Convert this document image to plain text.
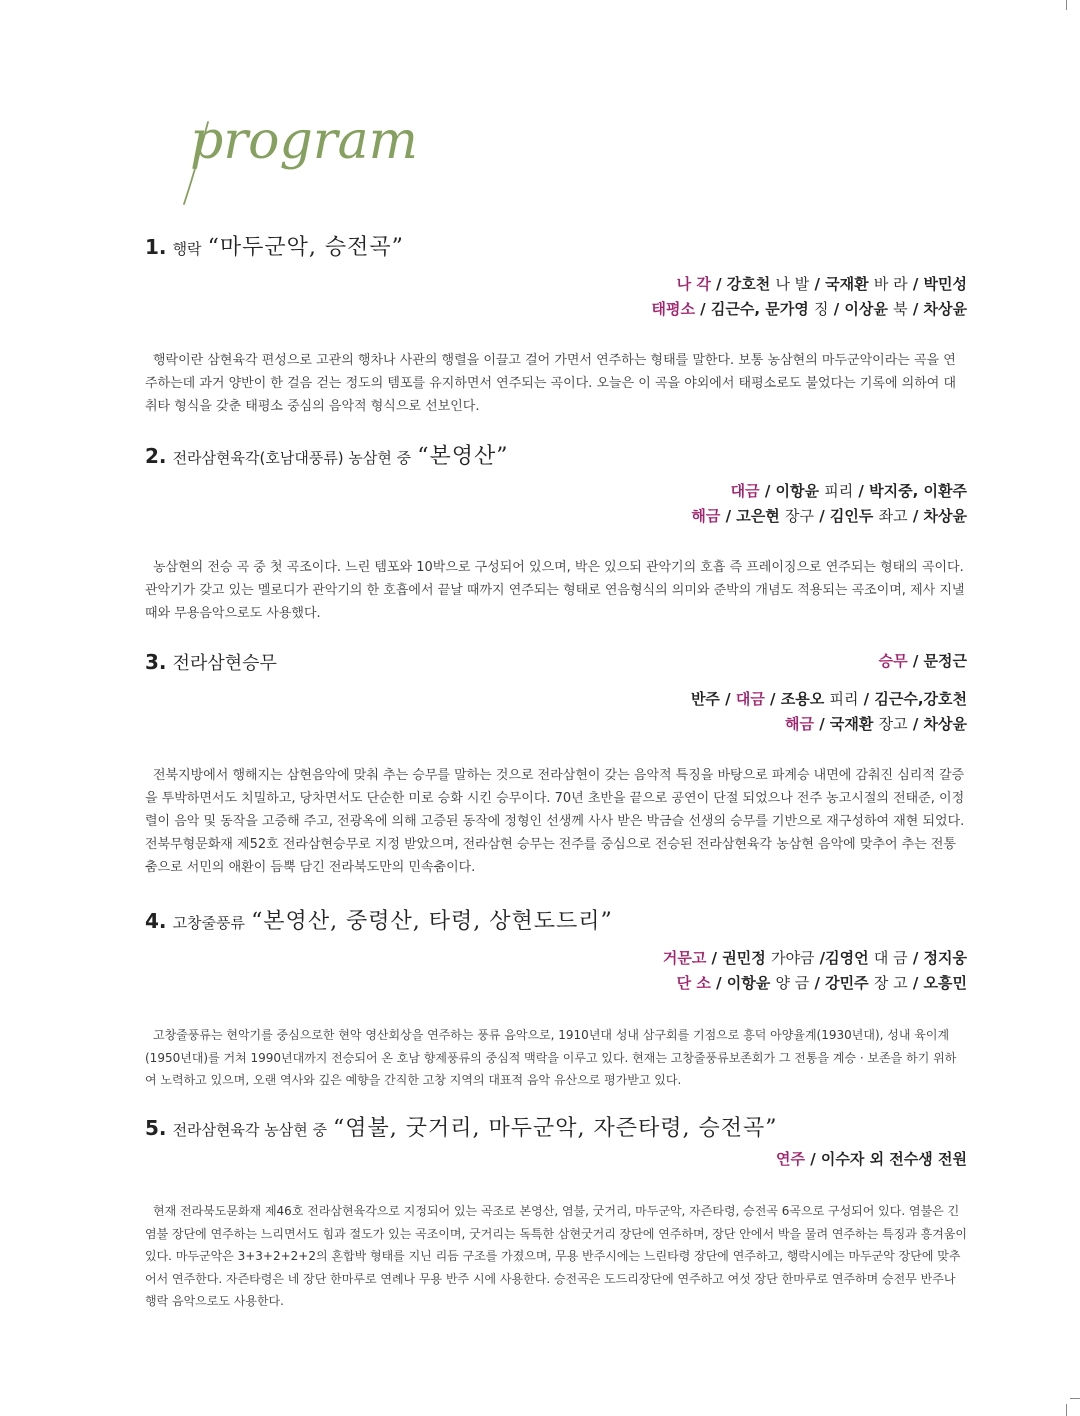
program
1. 행락 “마두군악, 승전곡”
나 각 / 강호천 나 발 / 국재환 바 라 / 박민성
태평소 / 김근수, 문가영 징 / 이상윤 북 / 차상윤

행락이란 삼현육각 편성으로 고관의 행차나 사관의 행렬을 이끌고 걸어 가면서 연주하는 형태를 말한다. 보통 농삼현의 마두군악이라는 곡을 연주하는데 과거 양반이 한 걸음 걷는 정도의 템포를 유지하면서 연주되는 곡이다. 오늘은 이 곡을 야외에서 태평소로도 불었다는 기록에 의하여 대취타 형식을 갖춘 태평소 중심의 음악적 형식으로 선보인다.

2. 전라삼현육각(호남대풍류) 농삼현 중 “본영산”
대금 / 이항윤 피리 / 박지중, 이환주
해금 / 고은현 장구 / 김인두 좌고 / 차상윤

농삼현의 전승 곡 중 첫 곡조이다. 느린 템포와 10박으로 구성되어 있으며, 박은 있으되 관악기의 호흡 즉 프레이징으로 연주되는 형태의 곡이다. 관악기가 갖고 있는 멜로디가 관악기의 한 호흡에서 끝날 때까지 연주되는 형태로 연음형식의 의미와 준박의 개념도 적용되는 곡조이며, 제사 지낼 때와 무용음악으로도 사용했다.

3. 전라삼현승무	승무 / 문정근
반주 / 대금 / 조용오 피리 / 김근수,강호천
해금 / 국재환 장고 / 차상윤

전북지방에서 행해지는 삼현음악에 맞춰 추는 승무를 말하는 것으로 전라삼현이 갖는 음악적 특징을 바탕으로 파계승 내면에 감춰진 심리적 갈증을 투박하면서도 치밀하고, 당차면서도 단순한 미로 승화 시킨 승무이다. 70년 초반을 끝으로 공연이 단절 되었으나 전주 농고시절의 전태준, 이정렬이 음악 및 동작을 고증해 주고, 전광옥에 의해 고증된 동작에 정형인 선생께 사사 받은 박금슬 선생의 승무를 기반으로 재구성하여 재현 되었다. 전북무형문화재 제52호 전라삼현승무로 지정 받았으며, 전라삼현 승무는 전주를 중심으로 전승된 전라삼현육각 농삼현 음악에 맞추어 추는 전통춤으로 서민의 애환이 듬뿍 담긴 전라북도만의 민속춤이다.

4. 고창줄풍류 “본영산, 중령산, 타령, 상현도드리”
거문고 / 권민정 가야금 /김영언 대 금 / 정지웅
단 소 / 이항윤 양 금 / 강민주 장 고 / 오흥민

고창줄풍류는 현악기를 중심으로한 현악 영산회상을 연주하는 풍류 음악으로, 1910년대 성내 삼구회를 기점으로 흥덕 아양율계(1930년대), 성내 육이계(1950년대)를 거쳐 1990년대까지 전승되어 온 호남 향제풍류의 중심적 맥락을 이루고 있다. 현재는 고창줄풍류보존회가 그 전통을 계승 · 보존을 하기 위하여 노력하고 있으며, 오랜 역사와 깊은 예향을 간직한 고창 지역의 대표적 음악 유산으로 평가받고 있다.

5. 전라삼현육각 농삼현 중 “염불, 굿거리, 마두군악, 자즌타령, 승전곡”
연주 / 이수자 외 전수생 전원

현재 전라북도문화재 제46호 전라삼현육각으로 지정되어 있는 곡조로 본영산, 염불, 굿거리, 마두군악, 자즌타령, 승전곡 6곡으로 구성되어 있다. 염불은 긴염불 장단에 연주하는 느리면서도 힘과 절도가 있는 곡조이며, 굿거리는 독특한 삼현굿거리 장단에 연주하며, 장단 안에서 박을 물려 연주하는 특징과 흥겨움이 있다. 마두군악은 3+3+2+2+2의 혼합박 형태를 지닌 리듬 구조를 가졌으며, 무용 반주시에는 느린타령 장단에 연주하고, 행락시에는 마두군악 장단에 맞추어서 연주한다. 자즌타령은 네 장단 한마루로 연례나 무용 반주 시에 사용한다. 승전곡은 도드리장단에 연주하고 여섯 장단 한마루로 연주하며 승전무 반주나 행락 음악으로도 사용한다.
